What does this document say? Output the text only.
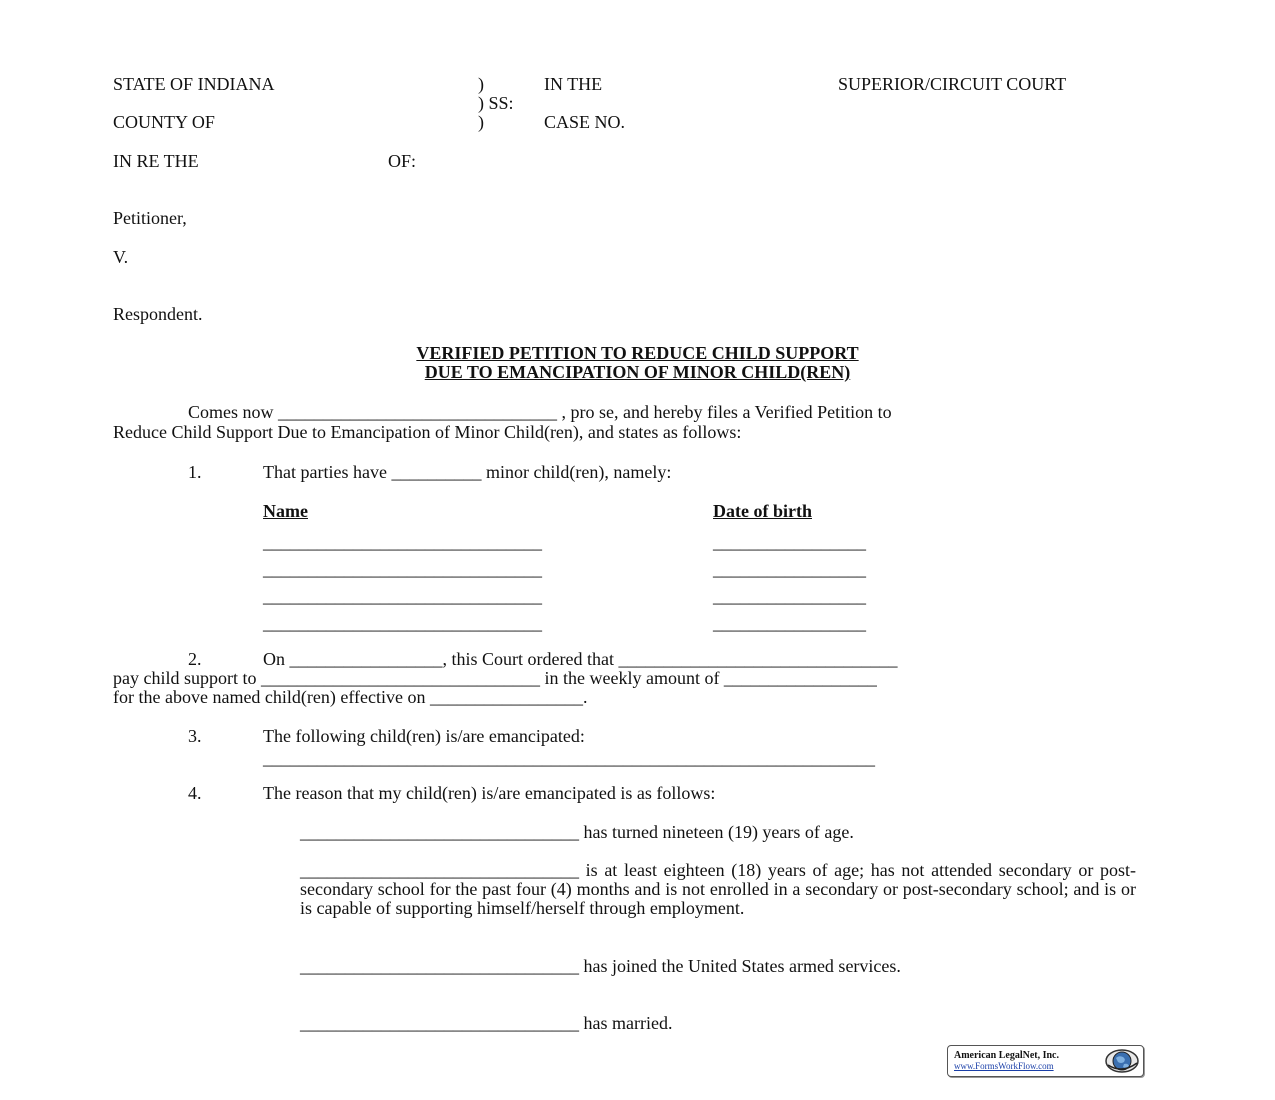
STATE OF INDIANA	)	IN THE	SUPERIOR/CIRCUIT COURT
) SS:
COUNTY OF	)	CASE NO.
IN RE THE	OF:
Petitioner,
V.
Respondent.
VERIFIED PETITION TO REDUCE CHILD SUPPORT
DUE TO EMANCIPATION OF MINOR CHILD(REN)
Comes now _______________________________ , pro se, and hereby files a Verified Petition to
Reduce Child Support Due to Emancipation of Minor Child(ren), and states as follows:
1.	That parties have __________ minor child(ren), namely:
Name	Date of birth
_______________________________	_________________
_______________________________	_________________
_______________________________	_________________
_______________________________	_________________
2.	On _________________, this Court ordered that _______________________________
pay child support to _______________________________ in the weekly amount of _________________
for the above named child(ren) effective on _________________.
3.	The following child(ren) is/are emancipated:
____________________________________________________________________
4.	The reason that my child(ren) is/are emancipated is as follows:
_______________________________ has turned nineteen (19) years of age.
_______________________________ is at least eighteen (18) years of age; has not attended secondary or post-secondary school for the past four (4) months and is not enrolled in a secondary or post-secondary school; and is or is capable of supporting himself/herself through employment.
_______________________________ has joined the United States armed services.
_______________________________ has married.
American LegalNet, Inc.
www.FormsWorkFlow.com
